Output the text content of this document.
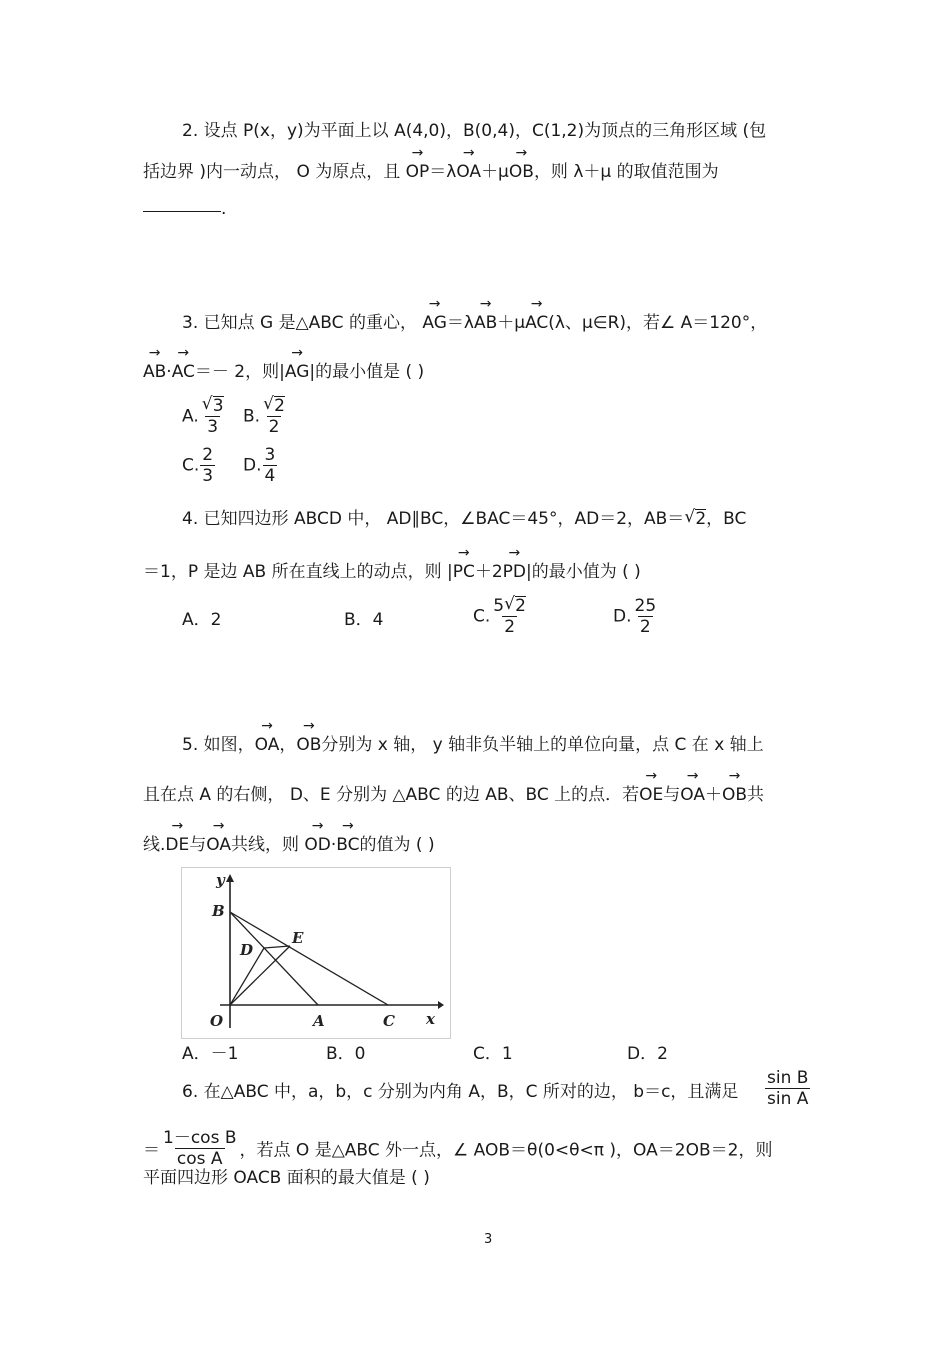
2. 设点 P(x，y)为平面上以 A(4,0)，B(0,4)，C(1,2)为顶点的三角形区域 (包
括边界 )内一动点， O 为原点，且 → OP＝λ→ OA＋μ→ OB，则 λ＋μ 的取值范围为
.
3. 已知点 G 是△ABC 的重心， → AG＝λ→ AB＋μ→ AC(λ、μ∈R)，若∠ A＝120°，
→ AB·→ AC＝－ 2，则|→ AG|的最小值是 ( )
A. √ $\frac{3}{3} B$. √ $\frac{2}{2}$
C. $\frac{2}{3} D$. $\frac{3}{4}$
4. 已知四边形 ABCD 中， AD∥BC，∠BAC＝45°，AD＝2，AB＝ √ 2，BC
＝1，P 是边 AB 所在直线上的动点，则 |→ PC＋2→ PD|的最小值为 ( )
A．2	B．4	C. $\frac{5 √ 2}{2}$	D. $\frac{25}{2}$
5. 如图，→ OA，→ OB分别为 x 轴， y 轴非负半轴上的单位向量，点 C 在 x 轴上
且在点 A 的右侧， D、E 分别为 △ABC 的边 AB、BC 上的点．若→ OE与→ OA＋→ OB共
线.→ DE与→ OA共线，则 → OD·→ BC的值为 ( )
y
B
D
E
O	A	C x
A．－1	B．0	C．1	D．2
6. 在△ABC 中，a，b，c 分别为内角 A，B，C 所对的边， b＝c，且满足 $\frac{\text{sin B}}{\text{sin A}}$
＝ $\frac{\text{1－cos B}}{\text{cos A}}$ ，若点 O 是△ABC 外一点，∠ AOB＝θ(0<θ<π )，OA＝2OB＝2，则
平面四边形 OACB 面积的最大值是 ( )
3
